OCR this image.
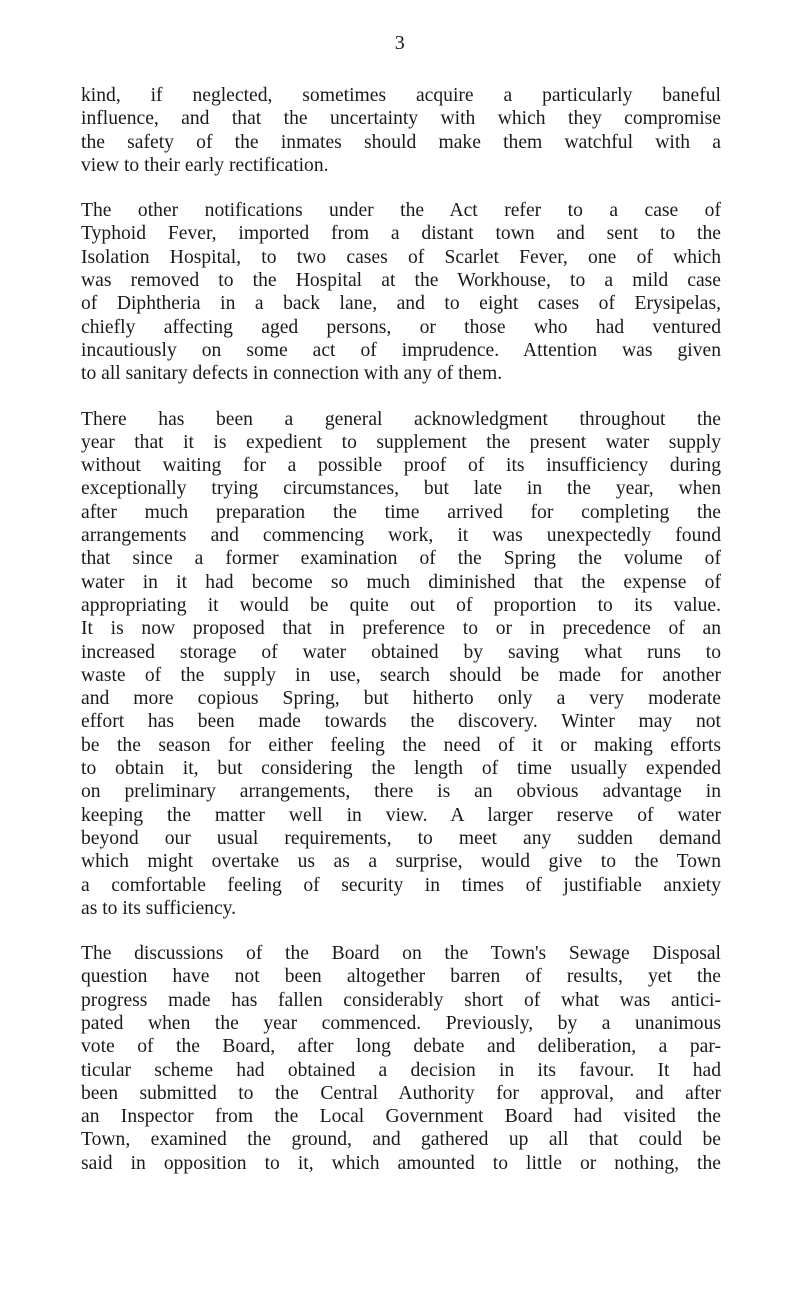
3

kind, if neglected, sometimes acquire a particularly baneful
influence, and that the uncertainty with which they compromise
the safety of the inmates should make them watchful with a
view to their early rectification.

The other notifications under the Act refer to a case of
Typhoid Fever, imported from a distant town and sent to the
Isolation Hospital, to two cases of Scarlet Fever, one of which
was removed to the Hospital at the Workhouse, to a mild case
of Diphtheria in a back lane, and to eight cases of Erysipelas,
chiefly affecting aged persons, or those who had ventured
incautiously on some act of imprudence. Attention was given
to all sanitary defects in connection with any of them.

There has been a general acknowledgment throughout the
year that it is expedient to supplement the present water supply
without waiting for a possible proof of its insufficiency during
exceptionally trying circumstances, but late in the year, when
after much preparation the time arrived for completing the
arrangements and commencing work, it was unexpectedly found
that since a former examination of the Spring the volume of
water in it had become so much diminished that the expense of
appropriating it would be quite out of proportion to its value.
It is now proposed that in preference to or in precedence of an
increased storage of water obtained by saving what runs to
waste of the supply in use, search should be made for another
and more copious Spring, but hitherto only a very moderate
effort has been made towards the discovery. Winter may not
be the season for either feeling the need of it or making efforts
to obtain it, but considering the length of time usually expended
on preliminary arrangements, there is an obvious advantage in
keeping the matter well in view. A larger reserve of water
beyond our usual requirements, to meet any sudden demand
which might overtake us as a surprise, would give to the Town
a comfortable feeling of security in times of justifiable anxiety
as to its sufficiency.

The discussions of the Board on the Town's Sewage Disposal
question have not been altogether barren of results, yet the
progress made has fallen considerably short of what was antici-
pated when the year commenced. Previously, by a unanimous
vote of the Board, after long debate and deliberation, a par-
ticular scheme had obtained a decision in its favour. It had
been submitted to the Central Authority for approval, and after
an Inspector from the Local Government Board had visited the
Town, examined the ground, and gathered up all that could be
said in opposition to it, which amounted to little or nothing, the
